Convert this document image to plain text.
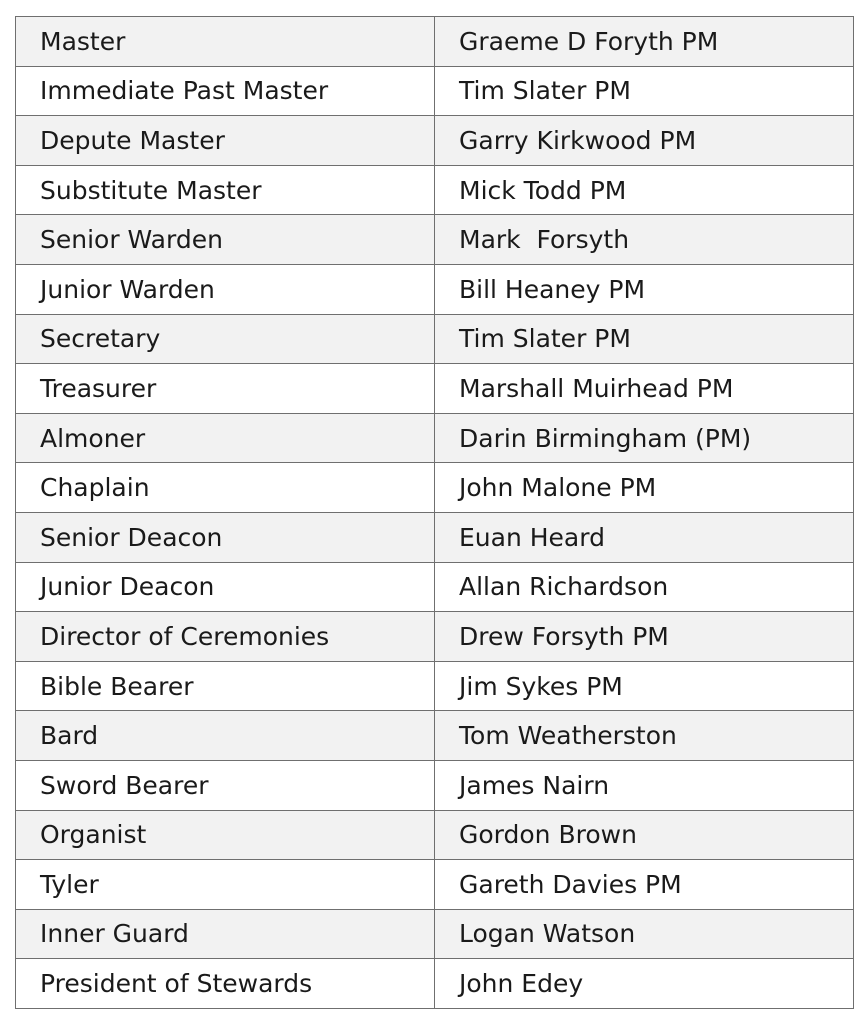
Master	Graeme D Foryth PM
Immediate Past Master	Tim Slater PM
Depute Master	Garry Kirkwood PM
Substitute Master	Mick Todd PM
Senior Warden	Mark  Forsyth
Junior Warden	Bill Heaney PM
Secretary	Tim Slater PM
Treasurer	Marshall Muirhead PM
Almoner	Darin Birmingham (PM)
Chaplain	John Malone PM
Senior Deacon	Euan Heard
Junior Deacon	Allan Richardson
Director of Ceremonies	Drew Forsyth PM
Bible Bearer	Jim Sykes PM
Bard	Tom Weatherston
Sword Bearer	James Nairn
Organist	Gordon Brown
Tyler	Gareth Davies PM
Inner Guard	Logan Watson
President of Stewards	John Edey
